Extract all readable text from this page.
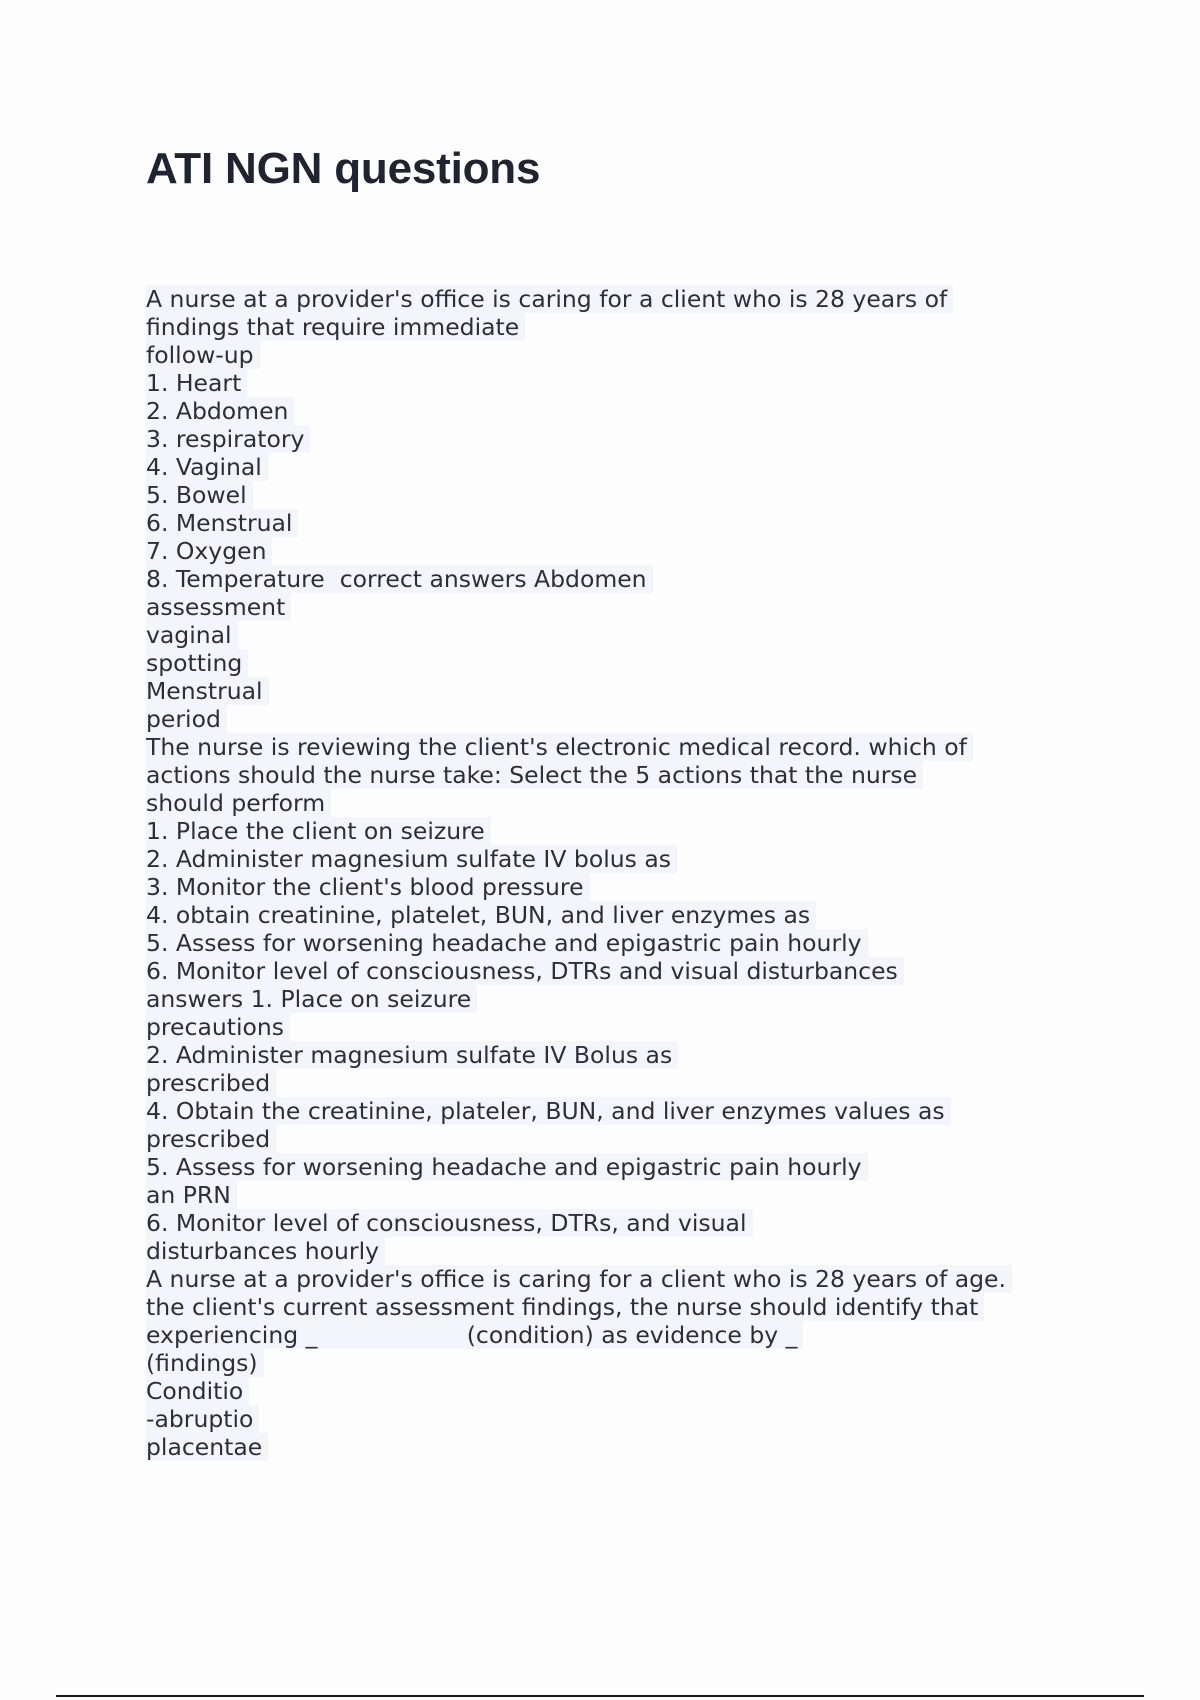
ATI NGN questions
A nurse at a provider's office is caring for a client who is 28 years of
findings that require immediate
follow-up
1. Heart
2. Abdomen
3. respiratory
4. Vaginal
5. Bowel
6. Menstrual
7. Oxygen
8. Temperature  correct answers Abdomen
assessment
vaginal
spotting
Menstrual
period
The nurse is reviewing the client's electronic medical record. which of
actions should the nurse take: Select the 5 actions that the nurse
should perform
1. Place the client on seizure
2. Administer magnesium sulfate IV bolus as
3. Monitor the client's blood pressure
4. obtain creatinine, platelet, BUN, and liver enzymes as
5. Assess for worsening headache and epigastric pain hourly
6. Monitor level of consciousness, DTRs and visual disturbances
answers 1. Place on seizure
precautions
2. Administer magnesium sulfate IV Bolus as
prescribed
4. Obtain the creatinine, plateler, BUN, and liver enzymes values as
prescribed
5. Assess for worsening headache and epigastric pain hourly
an PRN
6. Monitor level of consciousness, DTRs, and visual
disturbances hourly
A nurse at a provider's office is caring for a client who is 28 years of age.
the client's current assessment findings, the nurse should identify that
experiencing _                    (condition) as evidence by _
(findings)
Conditio
-abruptio
placentae
